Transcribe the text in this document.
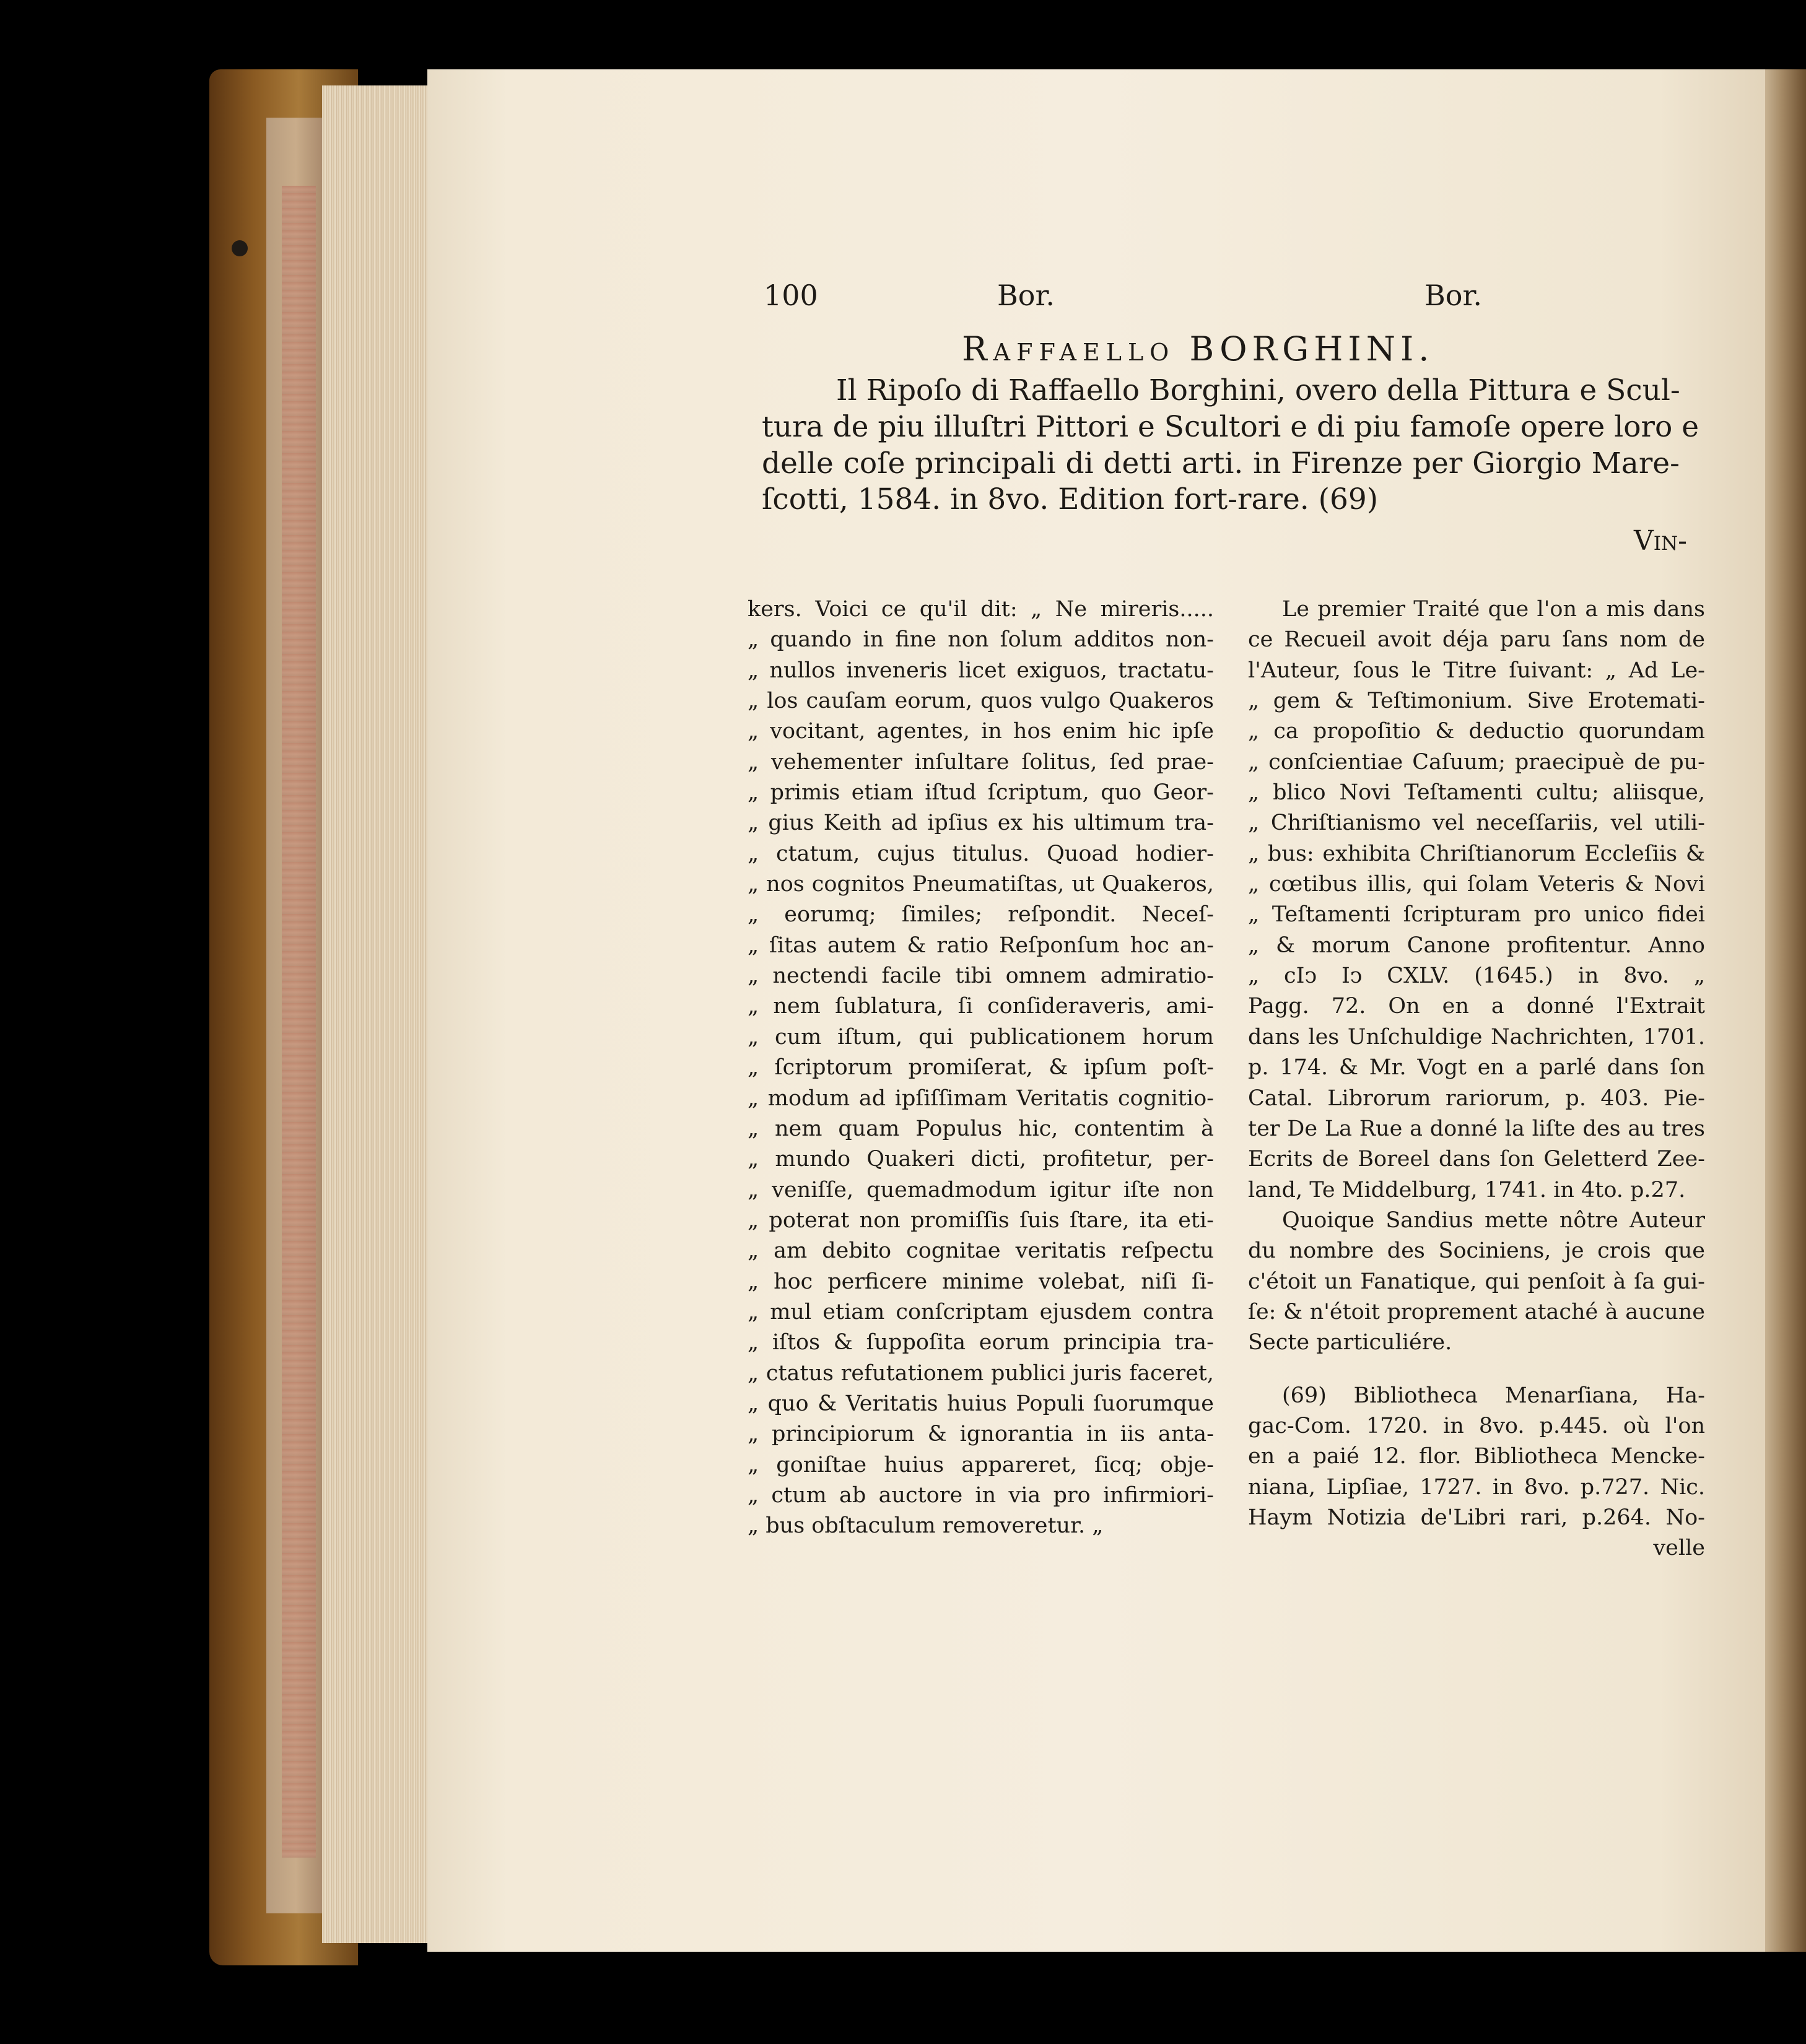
100	Bor.	Bor.
Raffaello BORGHINI.
Il Ripoſo di Raffaello Borghini, overo della Pittura e Scul-
tura de piu illuſtri Pittori e Scultori e di piu famoſe opere loro e
delle coſe principali di detti arti. in Firenze per Giorgio Mare-
ſcotti, 1584. in 8vo. Edition fort-rare. (69)
Vin-
kers. Voici ce qu'il dit: „ Ne mireris.....
„ quando in fine non ſolum additos non-
„ nullos inveneris licet exiguos, tractatu-
„ los cauſam eorum, quos vulgo Quakeros
„ vocitant, agentes, in hos enim hic ipſe
„ vehementer inſultare ſolitus, ſed prae-
„ primis etiam iſtud ſcriptum, quo Geor-
„ gius Keith ad ipſius ex his ultimum tra-
„ ctatum, cujus titulus. Quoad hodier-
„ nos cognitos Pneumatiſtas, ut Quakeros,
„ eorumq; ſimiles; reſpondit. Neceſ-
„ ſitas autem & ratio Reſponſum hoc an-
„ nectendi facile tibi omnem admiratio-
„ nem ſublatura, ſi conſideraveris, ami-
„ cum iſtum, qui publicationem horum
„ ſcriptorum promiſerat, & ipſum poſt-
„ modum ad ipſiſſimam Veritatis cognitio-
„ nem quam Populus hic, contentim à
„ mundo Quakeri dicti, profitetur, per-
„ veniſſe, quemadmodum igitur iſte non
„ poterat non promiſſis ſuis ſtare, ita eti-
„ am debito cognitae veritatis reſpectu
„ hoc perficere minime volebat, niſi ſi-
„ mul etiam conſcriptam ejusdem contra
„ iſtos & ſuppoſita eorum principia tra-
„ ctatus refutationem publici juris faceret,
„ quo & Veritatis huius Populi ſuorumque
„ principiorum & ignorantia in iis anta-
„ goniſtae huius appareret, ſicq; obje-
„ ctum ab auctore in via pro infirmiori-
„ bus obſtaculum removeretur. „
Le premier Traité que l'on a mis dans
ce Recueil avoit déja paru ſans nom de
l'Auteur, ſous le Titre ſuivant: „ Ad Le-
„ gem & Teſtimonium. Sive Erotemati-
„ ca propoſitio & deductio quorundam
„ conſcientiae Caſuum; praecipuè de pu-
„ blico Novi Teſtamenti cultu; aliisque,
„ Chriſtianismo vel neceſſariis, vel utili-
„ bus: exhibita Chriſtianorum Eccleſiis &
„ cœtibus illis, qui ſolam Veteris & Novi
„ Teſtamenti ſcripturam pro unico fidei
„ & morum Canone profitentur. Anno
„ cIↄ Iↄ CXLV. (1645.) in 8vo. „
Pagg. 72. On en a donné l'Extrait
dans les Unſchuldige Nachrichten, 1701.
p. 174. & Mr. Vogt en a parlé dans ſon
Catal. Librorum rariorum, p. 403. Pie-
ter De La Rue a donné la liſte des au tres
Ecrits de Boreel dans ſon Geletterd Zee-
land, Te Middelburg, 1741. in 4to. p.27.
Quoique Sandius mette nôtre Auteur
du nombre des Sociniens, je crois que
c'étoit un Fanatique, qui penſoit à ſa gui-
ſe: & n'étoit proprement ataché à aucune
Secte particuliére.
(69) Bibliotheca Menarſiana, Ha-
gac-Com. 1720. in 8vo. p.445. où l'on
en a paié 12. flor. Bibliotheca Mencke-
niana, Lipſiae, 1727. in 8vo. p.727. Nic.
Haym Notizia de'Libri rari, p.264. No-
velle
